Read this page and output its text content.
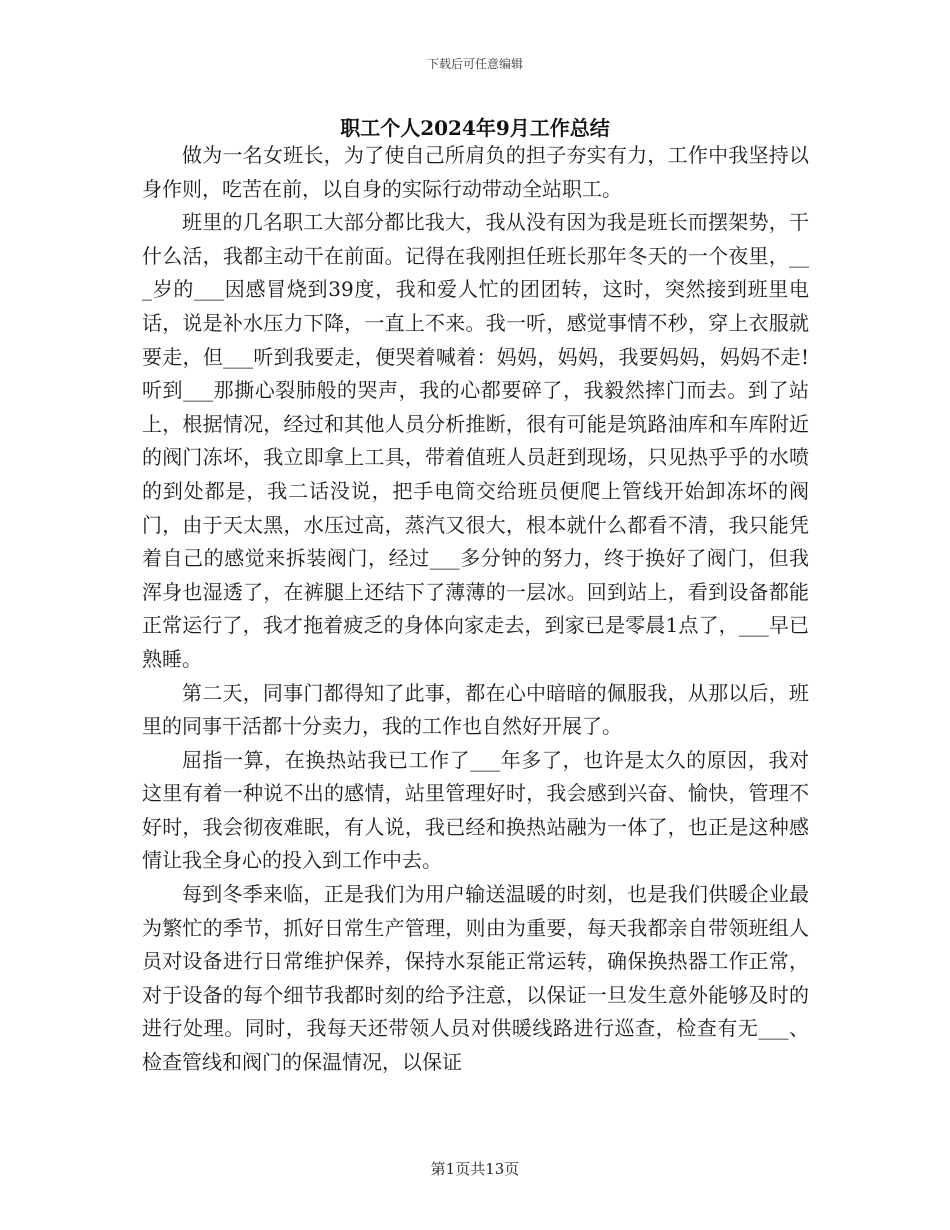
下载后可任意编辑
职工个人2024年9月工作总结

做为一名女班长，为了使自己所肩负的担子夯实有力，工作中我坚持以身作则，吃苦在前，以自身的实际行动带动全站职工。

班里的几名职工大部分都比我大，我从没有因为我是班长而摆架势，干什么活，我都主动干在前面。记得在我刚担任班长那年冬天的一个夜里，___岁的___因感冒烧到39度，我和爱人忙的团团转，这时，突然接到班里电话，说是补水压力下降，一直上不来。我一听，感觉事情不秒，穿上衣服就要走，但___听到我要走，便哭着喊着：妈妈，妈妈，我要妈妈，妈妈不走!听到___那撕心裂肺般的哭声，我的心都要碎了，我毅然摔门而去。到了站上，根据情况，经过和其他人员分析推断，很有可能是筑路油库和车库附近的阀门冻坏，我立即拿上工具，带着值班人员赶到现场，只见热乎乎的水喷的到处都是，我二话没说，把手电筒交给班员便爬上管线开始卸冻坏的阀门，由于天太黑，水压过高，蒸汽又很大，根本就什么都看不清，我只能凭着自己的感觉来拆装阀门，经过___多分钟的努力，终于换好了阀门，但我浑身也湿透了，在裤腿上还结下了薄薄的一层冰。回到站上，看到设备都能正常运行了，我才拖着疲乏的身体向家走去，到家已是零晨1点了，___早已熟睡。

第二天，同事门都得知了此事，都在心中暗暗的佩服我，从那以后，班里的同事干活都十分卖力，我的工作也自然好开展了。

屈指一算，在换热站我已工作了___年多了，也许是太久的原因，我对这里有着一种说不出的感情，站里管理好时，我会感到兴奋、愉快，管理不好时，我会彻夜难眠，有人说，我已经和换热站融为一体了，也正是这种感情让我全身心的投入到工作中去。

每到冬季来临，正是我们为用户输送温暖的时刻，也是我们供暖企业最为繁忙的季节，抓好日常生产管理，则由为重要，每天我都亲自带领班组人员对设备进行日常维护保养，保持水泵能正常运转，确保换热器工作正常，对于设备的每个细节我都时刻的给予注意，以保证一旦发生意外能够及时的进行处理。同时，我每天还带领人员对供暖线路进行巡查，检查有无___、检查管线和阀门的保温情况，以保证

第1页共13页
